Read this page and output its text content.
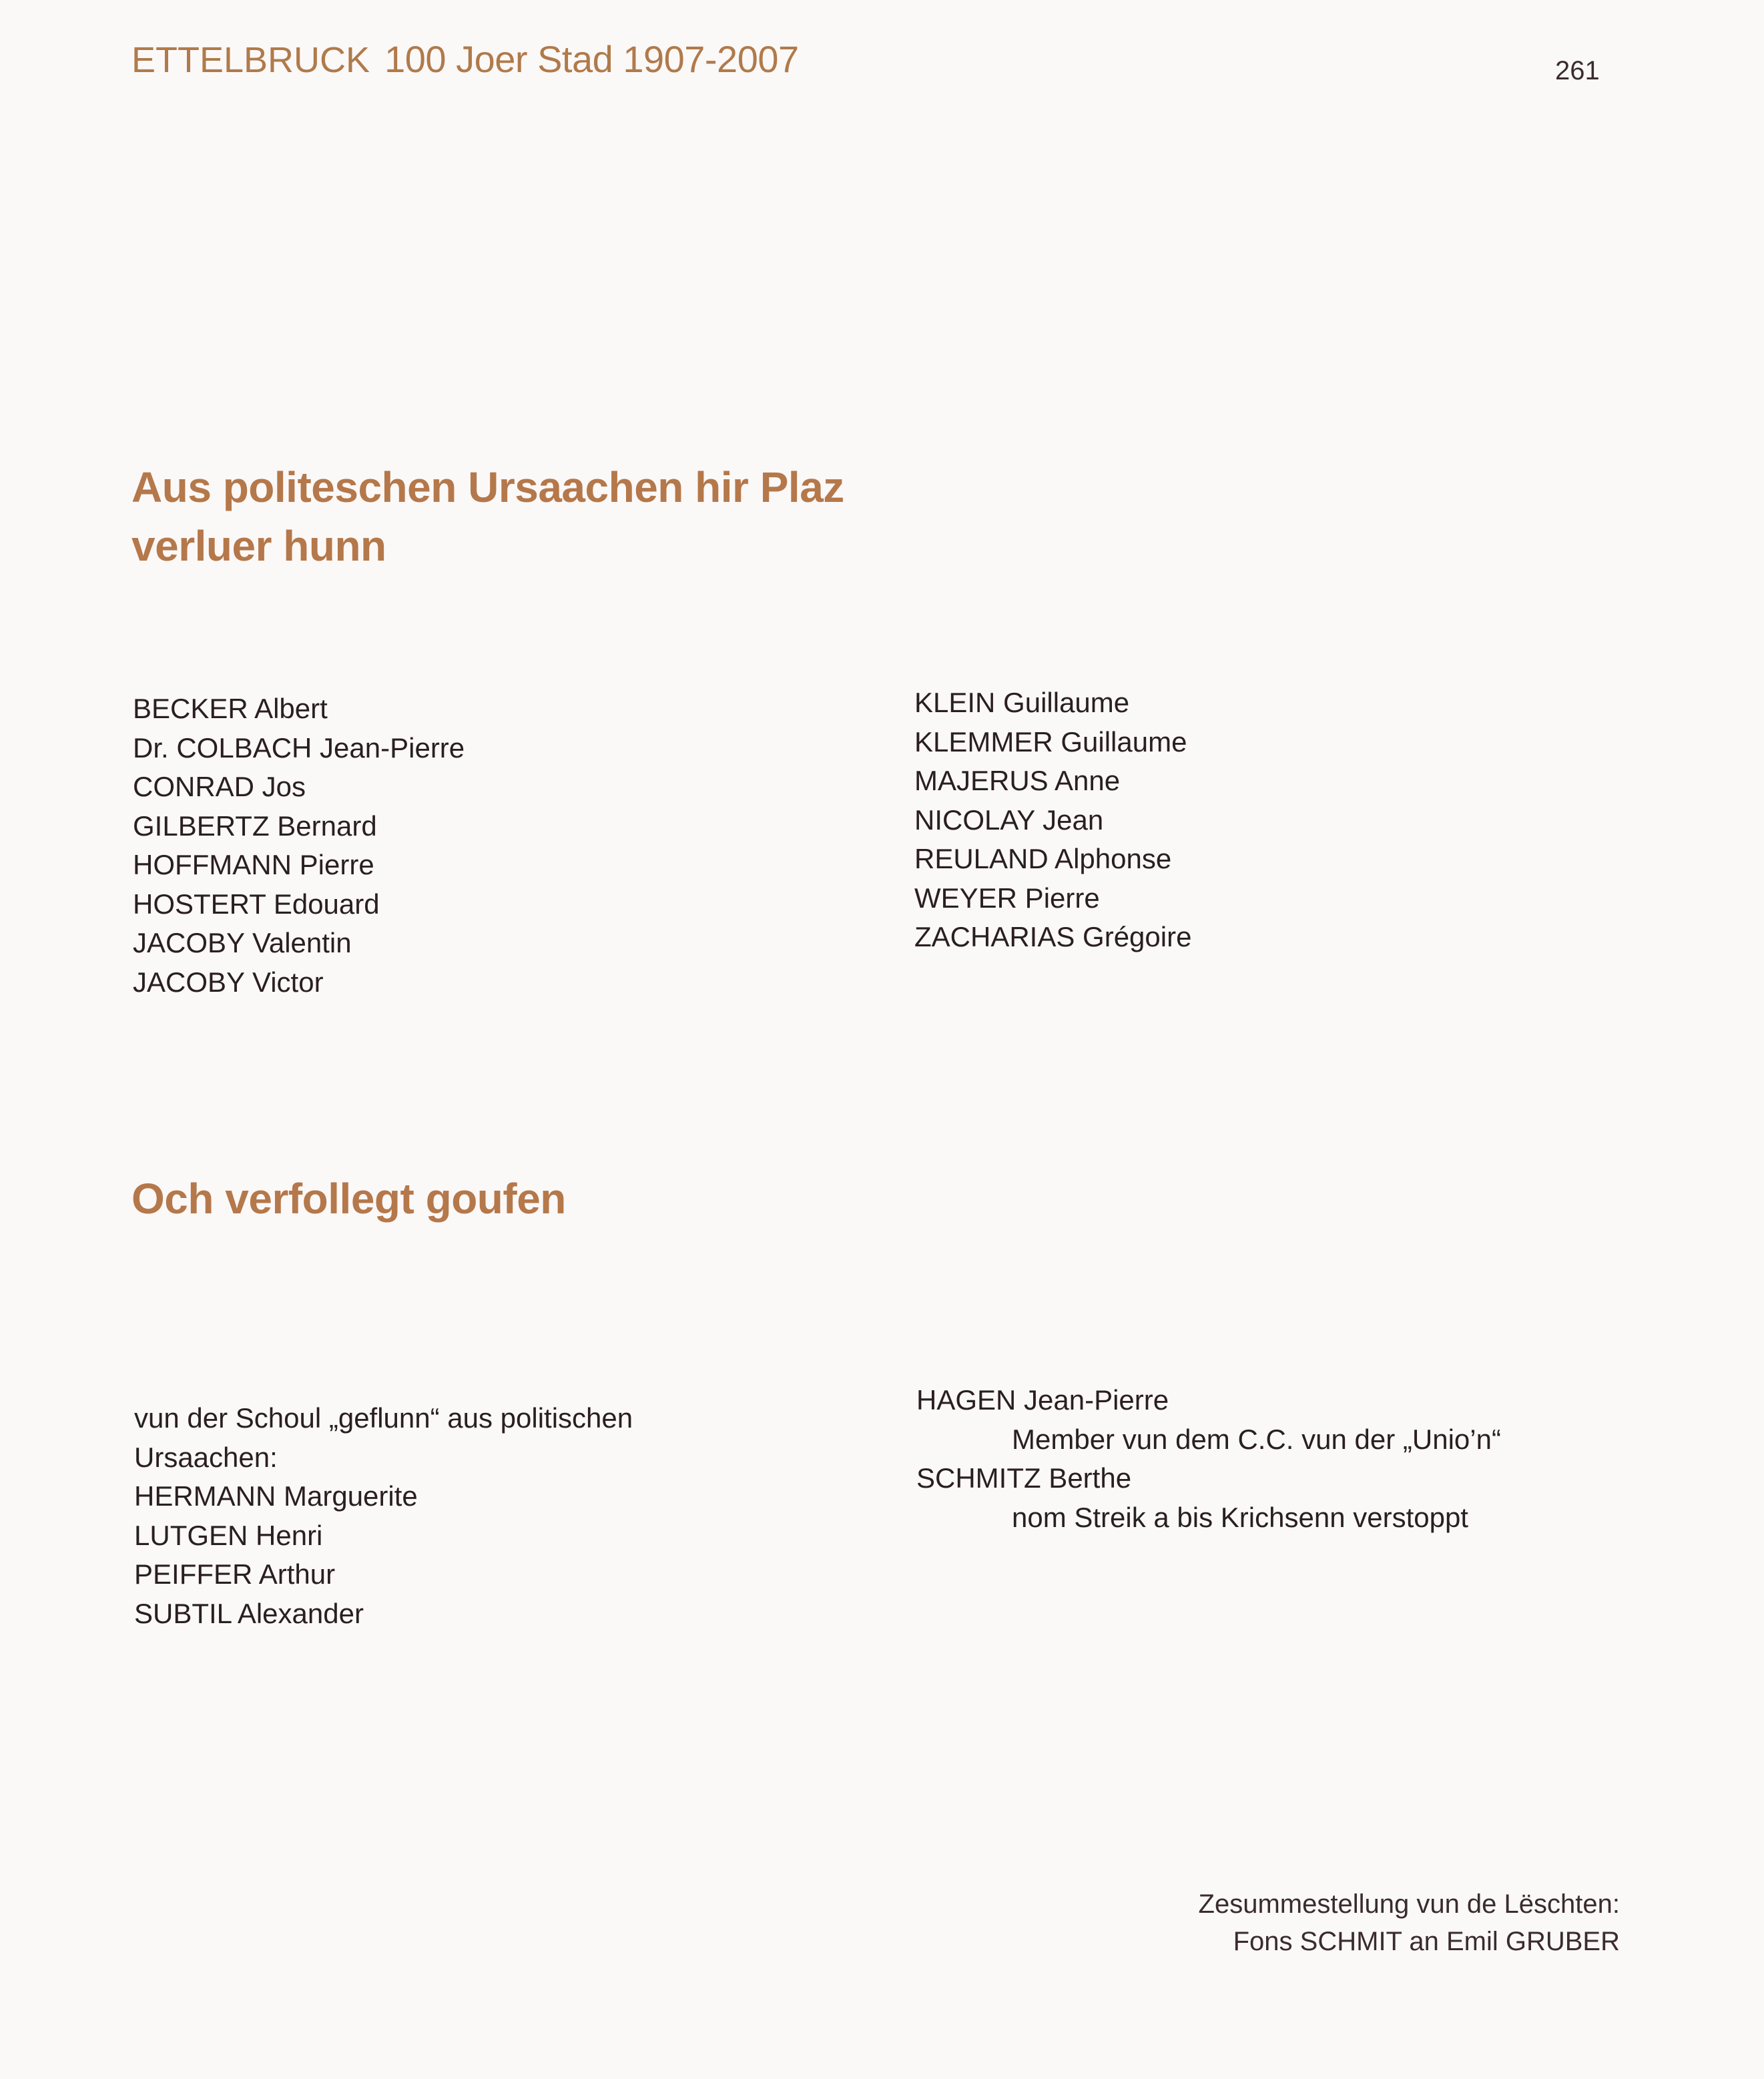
ETTELBRUCK 100 Joer Stad 1907-2007	261
Aus politeschen Ursaachen hir Plaz
verluer hunn
BECKER Albert
Dr. COLBACH Jean-Pierre
CONRAD Jos
GILBERTZ Bernard
HOFFMANN Pierre
HOSTERT Edouard
JACOBY Valentin
JACOBY Victor
KLEIN Guillaume
KLEMMER Guillaume
MAJERUS Anne
NICOLAY Jean
REULAND Alphonse
WEYER Pierre
ZACHARIAS Grégoire
Och verfollegt goufen
vun der Schoul „geflunn“ aus politischen
Ursaachen:
HERMANN Marguerite
LUTGEN Henri
PEIFFER Arthur
SUBTIL Alexander
HAGEN Jean-Pierre
Member vun dem C.C. vun der „Unio’n“
SCHMITZ Berthe
nom Streik a bis Krichsenn verstoppt
Zesummestellung vun de Lëschten:
Fons SCHMIT an Emil GRUBER
